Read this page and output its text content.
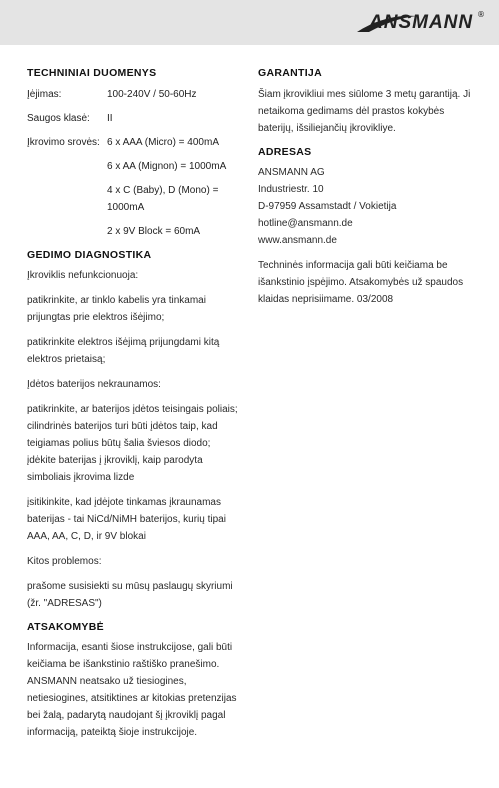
ANSMANN ®
TECHNINIAI DUOMENYS
Įėjimas:	100-240V / 50-60Hz
Saugos klasė:	II
Įkrovimo srovės: 6 x AAA (Micro) = 400mA
6 x AA (Mignon) = 1000mA
4 x C (Baby), D (Mono) = 1000mA
2 x 9V Block = 60mA
GEDIMO DIAGNOSTIKA

Įkroviklis nefunkcionuoja:

patikrinkite, ar tinklo kabelis yra tinkamai prijungtas prie elektros išėjimo;

patikrinkite elektros išėjimą prijungdami kitą elektros prietaisą;

Įdėtos baterijos nekraunamos:

patikrinkite, ar baterijos įdėtos teisingais poliais; cilindrinės baterijos turi būti įdėtos taip, kad teigiamas polius būtų šalia šviesos diodo; įdėkite baterijas į įkroviklį, kaip parodyta simboliais įkrovima lizde

įsitikinkite, kad įdėjote tinkamas įkraunamas baterijas - tai NiCd/NiMH baterijos, kurių tipai AAA, AA, C, D, ir 9V blokai

Kitos problemos:

prašome susisiekti su mūsų paslaugų skyriumi (žr. "ADRESAS")

ATSAKOMYBĖ

Informacija, esanti šiose instrukcijose, gali būti keičiama be išankstinio raštiško pranešimo. ANSMANN neatsako už tiesiogines, netiesiogines, atsitiktines ar kitokias pretenzijas bei žalą, padarytą naudojant šį įkroviklį pagal informaciją, pateiktą šioje instrukcijoje.

GARANTIJA

Šiam įkrovikliui mes siūlome 3 metų garantiją. Ji netaikoma gedimams dėl prastos kokybės baterijų, išsiliejančių įkrovikliye.

ADRESAS

ANSMANN AG

Industriestr. 10

D-97959 Assamstadt / Vokietija

hotline@ansmann.de

www.ansmann.de

Techninės informacija gali būti keičiama be išankstinio įspėjimo. Atsakomybės už spaudos klaidas neprisiimame. 03/2008
